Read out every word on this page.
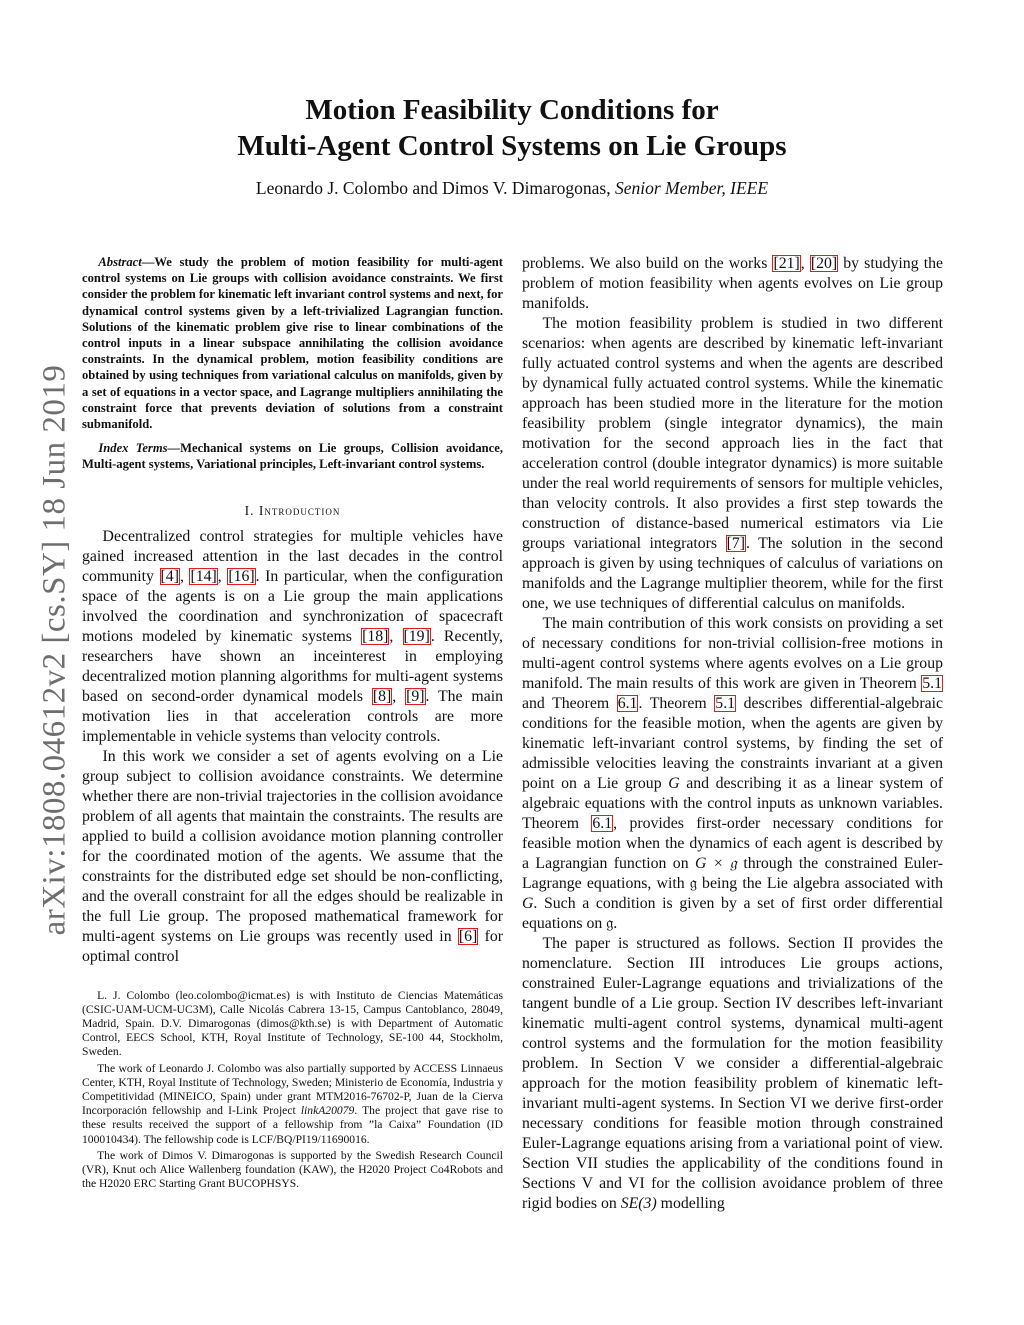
Motion Feasibility Conditions for
Multi-Agent Control Systems on Lie Groups
Leonardo J. Colombo and Dimos V. Dimarogonas, Senior Member, IEEE
arXiv:1808.04612v2 [cs.SY] 18 Jun 2019

Abstract—We study the problem of motion feasibility for multi-agent control systems on Lie groups with collision avoidance constraints. We first consider the problem for kinematic left invariant control systems and next, for dynamical control systems given by a left-trivialized Lagrangian function. Solutions of the kinematic problem give rise to linear combinations of the control inputs in a linear subspace annihilating the collision avoidance constraints. In the dynamical problem, motion feasibility conditions are obtained by using techniques from variational calculus on manifolds, given by a set of equations in a vector space, and Lagrange multipliers annihilating the constraint force that prevents deviation of solutions from a constraint submanifold.

Index Terms—Mechanical systems on Lie groups, Collision avoidance, Multi-agent systems, Variational principles, Left-invariant control systems.

I. Introduction

Decentralized control strategies for multiple vehicles have gained increased attention in the last decades in the control community [4], [14], [16]. In particular, when the configuration space of the agents is on a Lie group the main applications involved the coordination and synchronization of spacecraft motions modeled by kinematic systems [18], [19]. Recently, researchers have shown an inceinterest in employing decentralized motion planning algorithms for multi-agent systems based on second-order dynamical models [8], [9]. The main motivation lies in that acceleration controls are more implementable in vehicle systems than velocity controls.

In this work we consider a set of agents evolving on a Lie group subject to collision avoidance constraints. We determine whether there are non-trivial trajectories in the collision avoidance problem of all agents that maintain the constraints. The results are applied to build a collision avoidance motion planning controller for the coordinated motion of the agents. We assume that the constraints for the distributed edge set should be non-conflicting, and the overall constraint for all the edges should be realizable in the full Lie group. The proposed mathematical framework for multi-agent systems on Lie groups was recently used in [6] for optimal control

L. J. Colombo (leo.colombo@icmat.es) is with Instituto de Ciencias Matemáticas (CSIC-UAM-UCM-UC3M), Calle Nicolás Cabrera 13-15, Campus Cantoblanco, 28049, Madrid, Spain. D.V. Dimarogonas (dimos@kth.se) is with Department of Automatic Control, EECS School, KTH, Royal Institute of Technology, SE-100 44, Stockholm, Sweden.

The work of Leonardo J. Colombo was also partially supported by ACCESS Linnaeus Center, KTH, Royal Institute of Technology, Sweden; Ministerio de Economía, Industria y Competitividad (MINEICO, Spain) under grant MTM2016-76702-P, Juan de la Cierva Incorporación fellowship and I-Link Project linkA20079. The project that gave rise to these results received the support of a fellowship from ”la Caixa” Foundation (ID 100010434). The fellowship code is LCF/BQ/PI19/11690016.

The work of Dimos V. Dimarogonas is supported by the Swedish Research Council (VR), Knut och Alice Wallenberg foundation (KAW), the H2020 Project Co4Robots and the H2020 ERC Starting Grant BUCOPHSYS.

problems. We also build on the works [21], [20] by studying the problem of motion feasibility when agents evolves on Lie group manifolds.

The motion feasibility problem is studied in two different scenarios: when agents are described by kinematic left-invariant fully actuated control systems and when the agents are described by dynamical fully actuated control systems. While the kinematic approach has been studied more in the literature for the motion feasibility problem (single integrator dynamics), the main motivation for the second approach lies in the fact that acceleration control (double integrator dynamics) is more suitable under the real world requirements of sensors for multiple vehicles, than velocity controls. It also provides a first step towards the construction of distance-based numerical estimators via Lie groups variational integrators [7]. The solution in the second approach is given by using techniques of calculus of variations on manifolds and the Lagrange multiplier theorem, while for the first one, we use techniques of differential calculus on manifolds.

The main contribution of this work consists on providing a set of necessary conditions for non-trivial collision-free motions in multi-agent control systems where agents evolves on a Lie group manifold. The main results of this work are given in Theorem 5.1 and Theorem 6.1. Theorem 5.1 describes differential-algebraic conditions for the feasible motion, when the agents are given by kinematic left-invariant control systems, by finding the set of admissible velocities leaving the constraints invariant at a given point on a Lie group G and describing it as a linear system of algebraic equations with the control inputs as unknown variables. Theorem 6.1, provides first-order necessary conditions for feasible motion when the dynamics of each agent is described by a Lagrangian function on G × 𝔤 through the constrained Euler-Lagrange equations, with 𝔤 being the Lie algebra associated with G. Such a condition is given by a set of first order differential equations on 𝔤.

The paper is structured as follows. Section II provides the nomenclature. Section III introduces Lie groups actions, constrained Euler-Lagrange equations and trivializations of the tangent bundle of a Lie group. Section IV describes left-invariant kinematic multi-agent control systems, dynamical multi-agent control systems and the formulation for the motion feasibility problem. In Section V we consider a differential-algebraic approach for the motion feasibility problem of kinematic left-invariant multi-agent systems. In Section VI we derive first-order necessary conditions for feasible motion through constrained Euler-Lagrange equations arising from a variational point of view. Section VII studies the applicability of the conditions found in Sections V and VI for the collision avoidance problem of three rigid bodies on SE(3) modelling
